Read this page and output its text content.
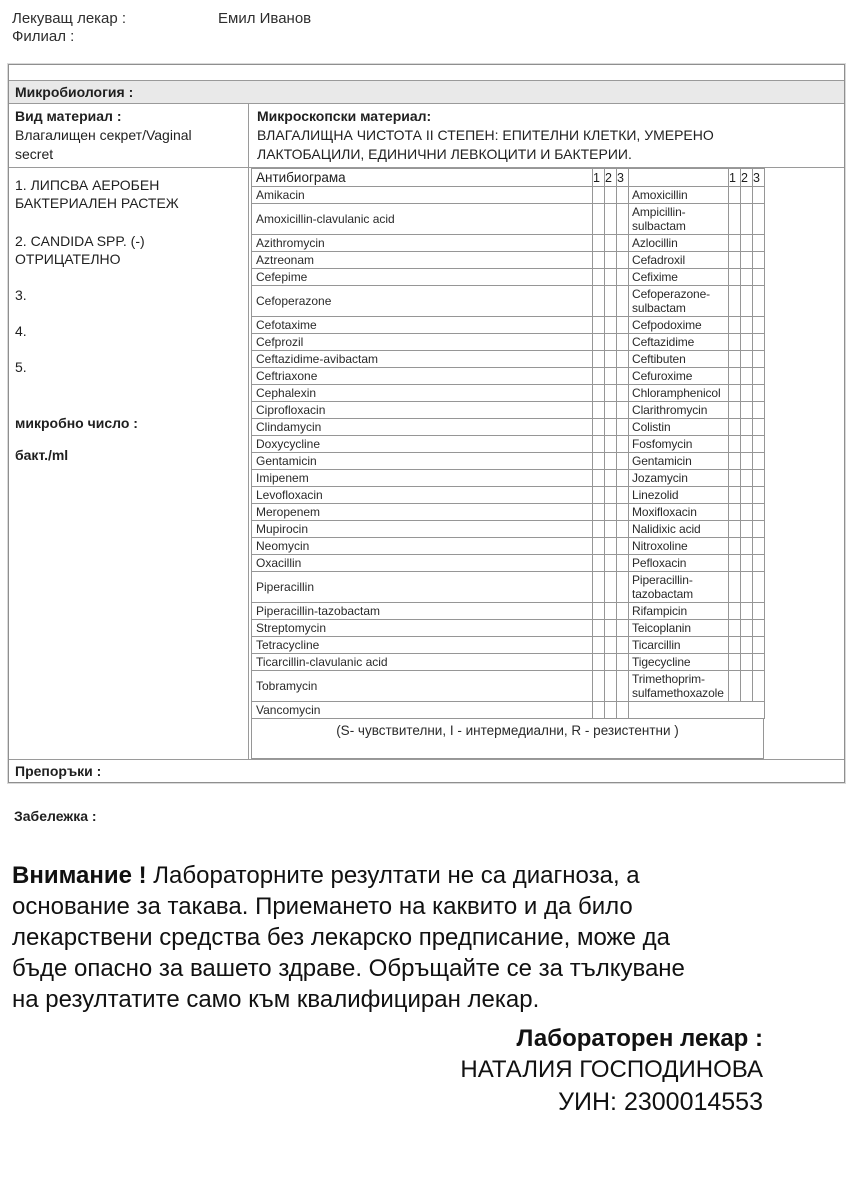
Лекуващ лекар :	Емил Иванов
Филиал :
Микробиология :
Вид материал :
Влагалищен секрет/Vaginal secret
Микроскопски материал:
ВЛАГАЛИЩНА ЧИСТОТА II СТЕПЕН: ЕПИТЕЛНИ КЛЕТКИ, УМЕРЕНО ЛАКТОБАЦИЛИ, ЕДИНИЧНИ ЛЕВКОЦИТИ И БАКТЕРИИ.
1. ЛИПСВА АЕРОБЕН БАКТЕРИАЛЕН РАСТЕЖ
2. CANDIDA SPP. (-) ОТРИЦАТЕЛНО
3.
4.
5.
микробно число :
бакт./ml
Антибиограма	1	2	3		1	2	3
Amikacin				Amoxicillin			
Amoxicillin-clavulanic acid				Ampicillin-sulbactam			
Azithromycin				Azlocillin			
Aztreonam				Cefadroxil			
Cefepime				Cefixime			
Cefoperazone				Cefoperazone-sulbactam			
Cefotaxime				Cefpodoxime			
Cefprozil				Ceftazidime			
Ceftazidime-avibactam				Ceftibuten			
Ceftriaxone				Cefuroxime			
Cephalexin				Chloramphenicol			
Ciprofloxacin				Clarithromycin			
Clindamycin				Colistin			
Doxycycline				Fosfomycin			
Gentamicin				Gentamicin			
Imipenem				Jozamycin			
Levofloxacin				Linezolid			
Meropenem				Moxifloxacin			
Mupirocin				Nalidixic acid			
Neomycin				Nitroxoline			
Oxacillin				Pefloxacin			
Piperacillin				Piperacillin-tazobactam			
Piperacillin-tazobactam				Rifampicin			
Streptomycin				Teicoplanin			
Tetracycline				Ticarcillin			
Ticarcillin-clavulanic acid				Tigecycline			
Tobramycin				Trimethoprim-sulfamethoxazole			
Vancomycin							
(S- чувствителни, I - интермедиални, R - резистентни )
Препоръки :
Забележка :

Внимание ! Лабораторните резултати не са диагноза, а основание за такава. Приемането на каквито и да било лекарствени средства без лекарско предписание, може да бъде опасно за вашето здраве. Обръщайте се за тълкуване на резултатите само към квалифициран лекар.

Лабораторен лекар :
НАТАЛИЯ ГОСПОДИНОВА
УИН: 2300014553
